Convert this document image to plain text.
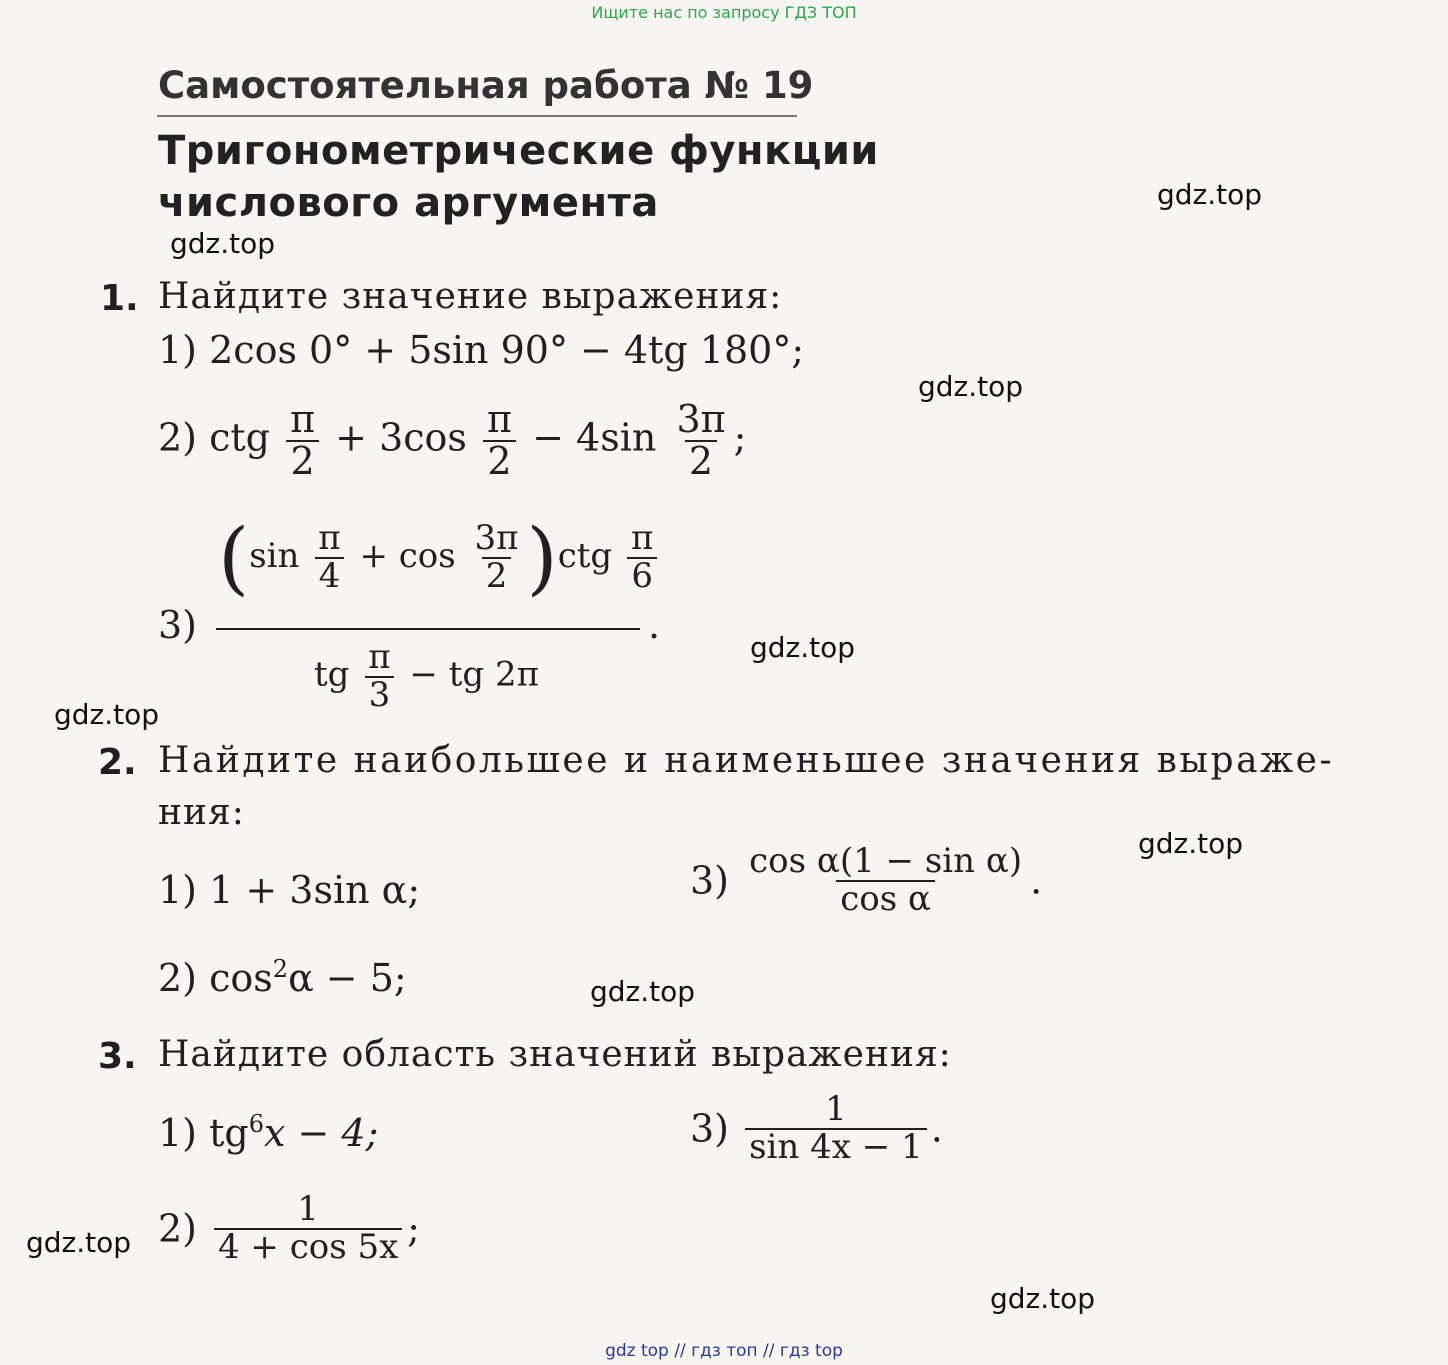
Ищите нас по запросу ГДЗ ТОП
Самостоятельная работа № 19
Тригонометрические функции
числового аргумента	gdz.top
gdz.top
gdz.top
gdz.top
gdz.top
gdz.top
gdz.top
gdz.top
gdz.top
1. Найдите значение выражения:
1) 2cos 0° + 5sin 90° − 4tg 180°;
2) ctg $\frac{\pi}{2} + 3\cos \frac{\pi}{2} - 4\sin \frac{3\pi}{2}$ ;
3)
$(\sin \frac{\pi}{4} + \cos \frac{3\pi}{2} )ctg \frac{\pi}{6}$
.
tg $\frac{\pi}{3}$ − tg 2π
2. Найдите наибольшее и наименьшее значения выраже-
ния:
1) 1 + 3sin α;
2) $\cos^2\alpha - 5$;
$3) \frac{\text{cos α(1 − sin α)}}{\text{cos α}}$ .
3. Найдите область значений выражения:
1) $tg^6x - 4$;	$3) \frac{1}{\sin 4x - 1}$ .
$2) \frac{1}{4 + \cos 5x}$ ;
gdz top // гдз топ // гдз top
